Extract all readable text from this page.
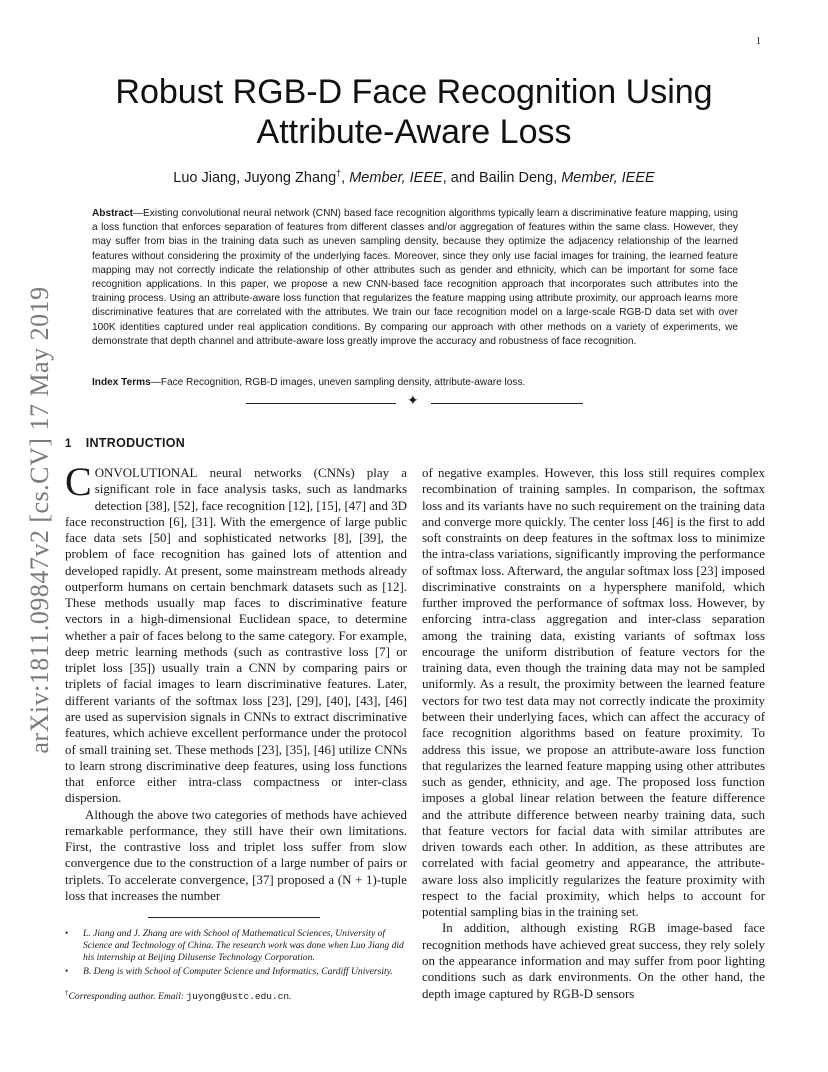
1
arXiv:1811.09847v2 [cs.CV] 17 May 2019
Robust RGB-D Face Recognition Using
Attribute-Aware Loss
Luo Jiang, Juyong Zhang†, Member, IEEE, and Bailin Deng, Member, IEEE

Abstract—Existing convolutional neural network (CNN) based face recognition algorithms typically learn a discriminative feature mapping, using a loss function that enforces separation of features from different classes and/or aggregation of features within the same class. However, they may suffer from bias in the training data such as uneven sampling density, because they optimize the adjacency relationship of the learned features without considering the proximity of the underlying faces. Moreover, since they only use facial images for training, the learned feature mapping may not correctly indicate the relationship of other attributes such as gender and ethnicity, which can be important for some face recognition applications. In this paper, we propose a new CNN-based face recognition approach that incorporates such attributes into the training process. Using an attribute-aware loss function that regularizes the feature mapping using attribute proximity, our approach learns more discriminative features that are correlated with the attributes. We train our face recognition model on a large-scale RGB-D data set with over 100K identities captured under real application conditions. By comparing our approach with other methods on a variety of experiments, we demonstrate that depth channel and attribute-aware loss greatly improve the accuracy and robustness of face recognition.

Index Terms—Face Recognition, RGB-D images, uneven sampling density, attribute-aware loss.

✦
1 INTRODUCTION

CONVOLUTIONAL neural networks (CNNs) play a significant role in face analysis tasks, such as landmarks detection [38], [52], face recognition [12], [15], [47] and 3D face reconstruction [6], [31]. With the emergence of large public face data sets [50] and sophisticated networks [8], [39], the problem of face recognition has gained lots of attention and developed rapidly. At present, some mainstream methods already outperform humans on certain benchmark datasets such as [12]. These methods usually map faces to discriminative feature vectors in a high-dimensional Euclidean space, to determine whether a pair of faces belong to the same category. For example, deep metric learning methods (such as contrastive loss [7] or triplet loss [35]) usually train a CNN by comparing pairs or triplets of facial images to learn discriminative features. Later, different variants of the softmax loss [23], [29], [40], [43], [46] are used as supervision signals in CNNs to extract discriminative features, which achieve excellent performance under the protocol of small training set. These methods [23], [35], [46] utilize CNNs to learn strong discriminative deep features, using loss functions that enforce either intra-class compactness or inter-class dispersion.

Although the above two categories of methods have achieved remarkable performance, they still have their own limitations. First, the contrastive loss and triplet loss suffer from slow convergence due to the construction of a large number of pairs or triplets. To accelerate convergence, [37] proposed a (N + 1)-tuple loss that increases the number

of negative examples. However, this loss still requires complex recombination of training samples. In comparison, the softmax loss and its variants have no such requirement on the training data and converge more quickly. The center loss [46] is the first to add soft constraints on deep features in the softmax loss to minimize the intra-class variations, significantly improving the performance of softmax loss. Afterward, the angular softmax loss [23] imposed discriminative constraints on a hypersphere manifold, which further improved the performance of softmax loss. However, by enforcing intra-class aggregation and inter-class separation among the training data, existing variants of softmax loss encourage the uniform distribution of feature vectors for the training data, even though the training data may not be sampled uniformly. As a result, the proximity between the learned feature vectors for two test data may not correctly indicate the proximity between their underlying faces, which can affect the accuracy of face recognition algorithms based on feature proximity. To address this issue, we propose an attribute-aware loss function that regularizes the learned feature mapping using other attributes such as gender, ethnicity, and age. The proposed loss function imposes a global linear relation between the feature difference and the attribute difference between nearby training data, such that feature vectors for facial data with similar attributes are driven towards each other. In addition, as these attributes are correlated with facial geometry and appearance, the attribute-aware loss also implicitly regularizes the feature proximity with respect to the facial proximity, which helps to account for potential sampling bias in the training set.

In addition, although existing RGB image-based face recognition methods have achieved great success, they rely solely on the appearance information and may suffer from poor lighting conditions such as dark environments. On the other hand, the depth image captured by RGB-D sensors

• L. Jiang and J. Zhang are with School of Mathematical Sciences, University of Science and Technology of China. The research work was done when Luo Jiang did his internship at Beijing Dilusense Technology Corporation.
• B. Deng is with School of Computer Science and Informatics, Cardiff University.
†Corresponding author. Email: juyong@ustc.edu.cn.
